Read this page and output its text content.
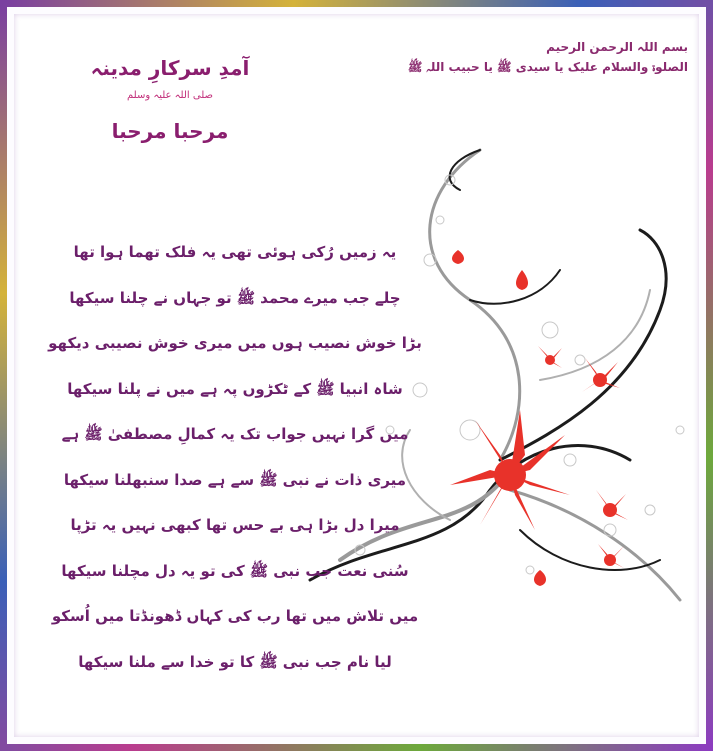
بسم اللہ الرحمن الرحیم
الصلوۃ والسلام علیک یا سیدی ﷺ یا حبیب اللہ ﷺ
آمدِ سرکارِ مدینہ
صلی اللہ علیہ وسلم
مرحبا مرحبا
یہ زمیں رُکی ہوئی تھی یہ فلک تھما ہوا تھا
چلے جب میرے محمد ﷺ تو جہاں نے چلنا سیکھا
بڑا خوش نصیب ہوں میں میری خوش نصیبی دیکھو
شاہ انبیا ﷺ کے ٹکڑوں پہ ہے میں نے پلنا سیکھا
میں گرا نہیں جواب تک یہ کمالِ مصطفیٰ ﷺ ہے
میری ذات نے نبی ﷺ سے ہے صدا سنبھلنا سیکھا
میرا دل بڑا ہی بے حس تھا کبھی نہیں یہ تڑپا
سُنی نعت جب نبی ﷺ کی تو یہ دل مچلنا سیکھا
میں تلاش میں تھا رب کی کہاں ڈھونڈتا میں اُسکو
لیا نام جب نبی ﷺ کا تو خدا سے ملنا سیکھا
